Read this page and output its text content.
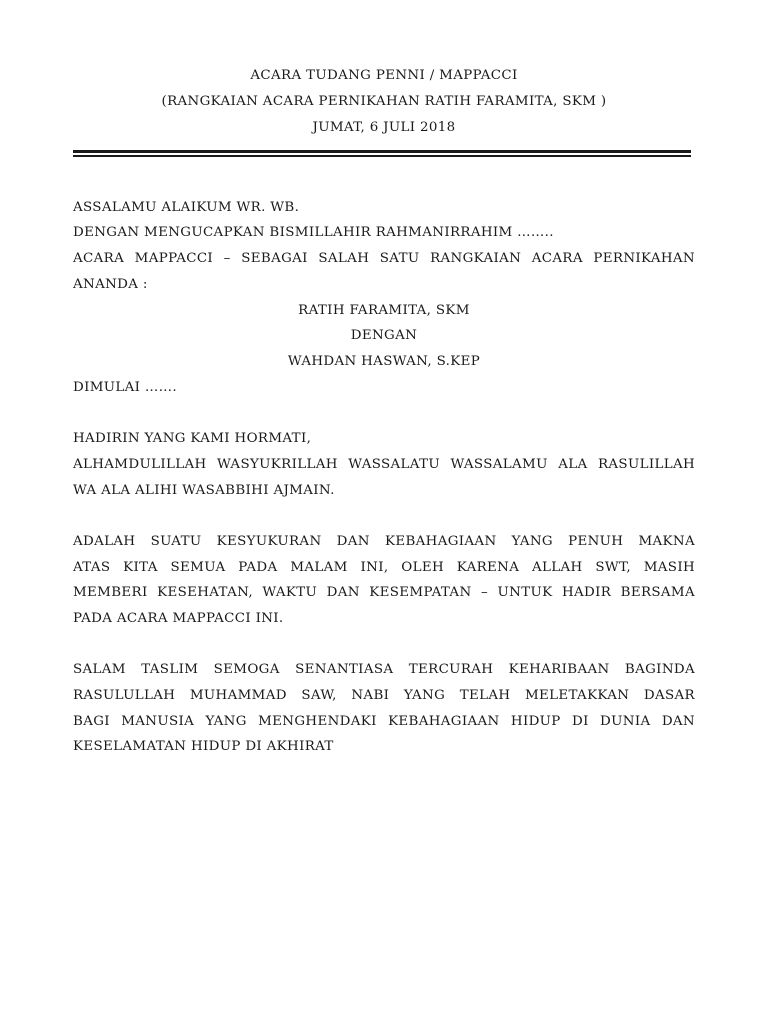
ACARA TUDANG PENNI / MAPPACCI
(RANGKAIAN ACARA PERNIKAHAN RATIH FARAMITA, SKM )
JUMAT, 6 JULI 2018
ASSALAMU ALAIKUM WR. WB.
DENGAN MENGUCAPKAN BISMILLAHIR RAHMANIRRAHIM ……..
ACARA MAPPACCI – SEBAGAI SALAH SATU RANGKAIAN ACARA PERNIKAHAN
ANANDA :
RATIH FARAMITA, SKM
DENGAN
WAHDAN HASWAN, S.KEP
DIMULAI …….
HADIRIN YANG KAMI HORMATI,
ALHAMDULILLAH WASYUKRILLAH WASSALATU WASSALAMU ALA RASULILLAH
WA ALA ALIHI WASABBIHI AJMAIN.
ADALAH SUATU KESYUKURAN DAN KEBAHAGIAAN YANG PENUH MAKNA
ATAS KITA SEMUA PADA MALAM INI, OLEH KARENA ALLAH SWT, MASIH
MEMBERI KESEHATAN, WAKTU DAN KESEMPATAN – UNTUK HADIR BERSAMA
PADA ACARA MAPPACCI INI.
SALAM TASLIM SEMOGA SENANTIASA TERCURAH KEHARIBAAN BAGINDA
RASULULLAH MUHAMMAD SAW, NABI YANG TELAH MELETAKKAN DASAR
BAGI MANUSIA YANG MENGHENDAKI KEBAHAGIAAN HIDUP DI DUNIA DAN
KESELAMATAN HIDUP DI AKHIRAT
